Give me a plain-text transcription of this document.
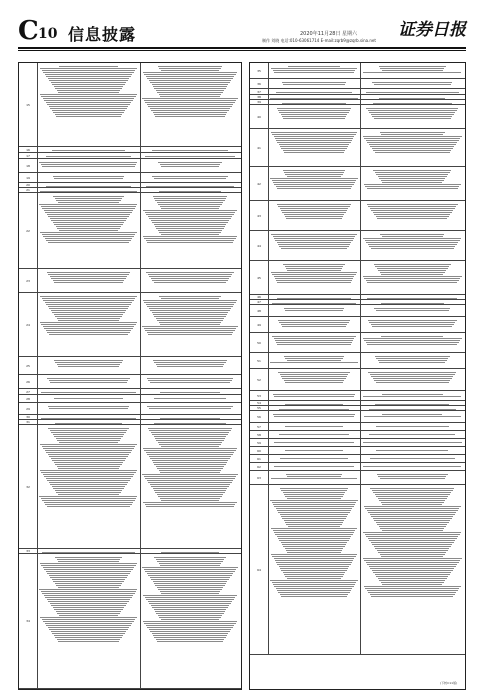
C 10 信息披露	2020年11月28日 星期六
制作 刘晓 电话:010-63061714 E-mail:zqrb9@zqrb.sina.net
证券日报
15
16
17
18
19
20
21
22
23
24
25
26
27
28
29
30
31
32
33
34
35
36
37
38
39
40
41
42
43
44
45
46
47
48
49
50
51
52
53
54
55
56
57
58
59
60
61
62
63
64
(下转C11版)
